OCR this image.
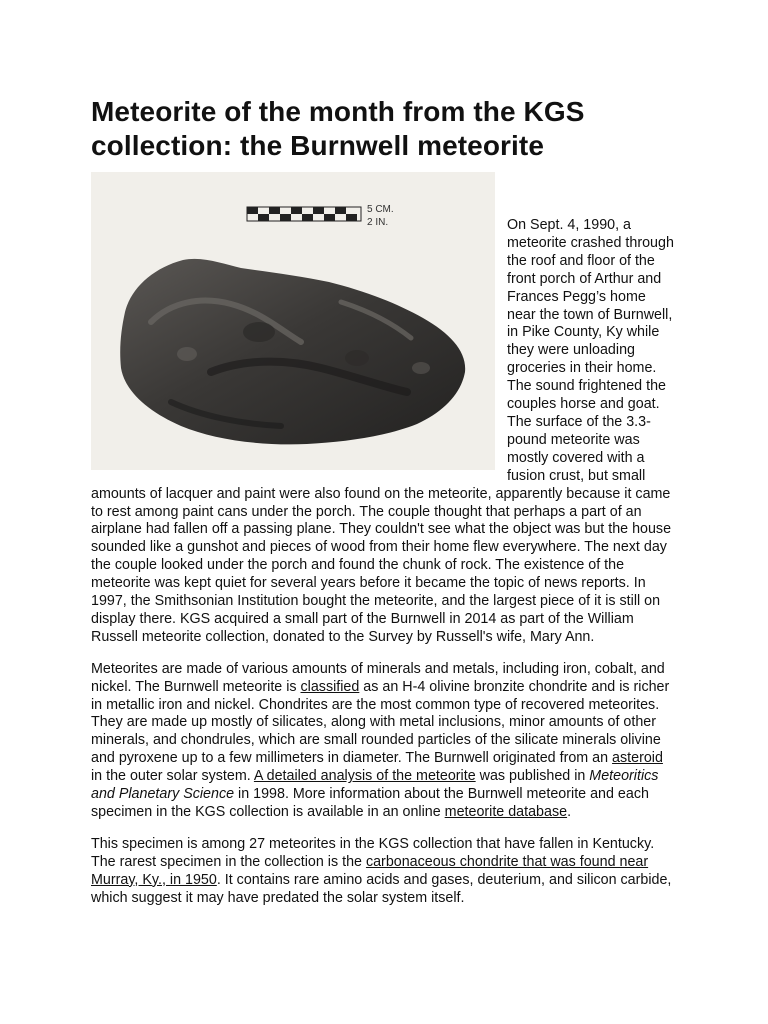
Meteorite of the month from the KGS collection: the Burnwell meteorite
5 CM.
2 IN.	On Sept. 4, 1990, a meteorite crashed through the roof and floor of the front porch of Arthur and Frances Pegg’s home near the town of Burnwell, in Pike County, Ky while they were unloading groceries in their home. The sound frightened the couples horse and goat. The surface of the 3.3-pound meteorite was mostly covered with a fusion crust, but small amounts of lacquer and paint were also found on the meteorite, apparently because it came to rest among paint cans under the porch. The couple thought that perhaps a part of an airplane had fallen off a passing plane. They couldn't see what the object was but the house sounded like a gunshot and pieces of wood from their home flew everywhere. The next day the couple looked under the porch and found the chunk of rock. The existence of the meteorite was kept quiet for several years before it became the topic of news reports. In 1997, the Smithsonian Institution bought the meteorite, and the largest piece of it is still on display there. KGS acquired a small part of the Burnwell in 2014 as part of the William Russell meteorite collection, donated to the Survey by Russell's wife, Mary Ann.

Meteorites are made of various amounts of minerals and metals, including iron, cobalt, and nickel. The Burnwell meteorite is classified as an H-4 olivine bronzite chondrite and is richer in metallic iron and nickel. Chondrites are the most common type of recovered meteorites. They are made up mostly of silicates, along with metal inclusions, minor amounts of other minerals, and chondrules, which are small rounded particles of the silicate minerals olivine and pyroxene up to a few millimeters in diameter. The Burnwell originated from an asteroid in the outer solar system. A detailed analysis of the meteorite was published in Meteoritics and Planetary Science in 1998. More information about the Burnwell meteorite and each specimen in the KGS collection is available in an online meteorite database.

This specimen is among 27 meteorites in the KGS collection that have fallen in Kentucky. The rarest specimen in the collection is the carbonaceous chondrite that was found near Murray, Ky., in 1950. It contains rare amino acids and gases, deuterium, and silicon carbide, which suggest it may have predated the solar system itself.
